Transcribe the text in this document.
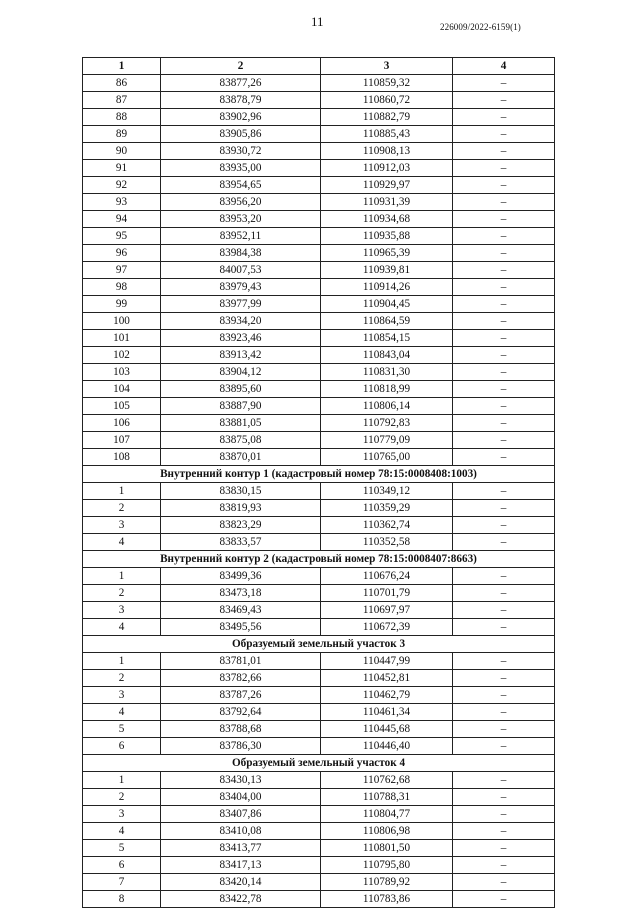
11	226009/2022-6159(1)
1	2	3	4
86	83877,26	110859,32	–
87	83878,79	110860,72	–
88	83902,96	110882,79	–
89	83905,86	110885,43	–
90	83930,72	110908,13	–
91	83935,00	110912,03	–
92	83954,65	110929,97	–
93	83956,20	110931,39	–
94	83953,20	110934,68	–
95	83952,11	110935,88	–
96	83984,38	110965,39	–
97	84007,53	110939,81	–
98	83979,43	110914,26	–
99	83977,99	110904,45	–
100	83934,20	110864,59	–
101	83923,46	110854,15	–
102	83913,42	110843,04	–
103	83904,12	110831,30	–
104	83895,60	110818,99	–
105	83887,90	110806,14	–
106	83881,05	110792,83	–
107	83875,08	110779,09	–
108	83870,01	110765,00	–
Внутренний контур 1 (кадастровый номер 78:15:0008408:1003)			
1	83830,15	110349,12	–
2	83819,93	110359,29	–
3	83823,29	110362,74	–
4	83833,57	110352,58	–
Внутренний контур 2 (кадастровый номер 78:15:0008407:8663)			
1	83499,36	110676,24	–
2	83473,18	110701,79	–
3	83469,43	110697,97	–
4	83495,56	110672,39	–
Образуемый земельный участок 3			
1	83781,01	110447,99	–
2	83782,66	110452,81	–
3	83787,26	110462,79	–
4	83792,64	110461,34	–
5	83788,68	110445,68	–
6	83786,30	110446,40	–
Образуемый земельный участок 4			
1	83430,13	110762,68	–
2	83404,00	110788,31	–
3	83407,86	110804,77	–
4	83410,08	110806,98	–
5	83413,77	110801,50	–
6	83417,13	110795,80	–
7	83420,14	110789,92	–
8	83422,78	110783,86	–
